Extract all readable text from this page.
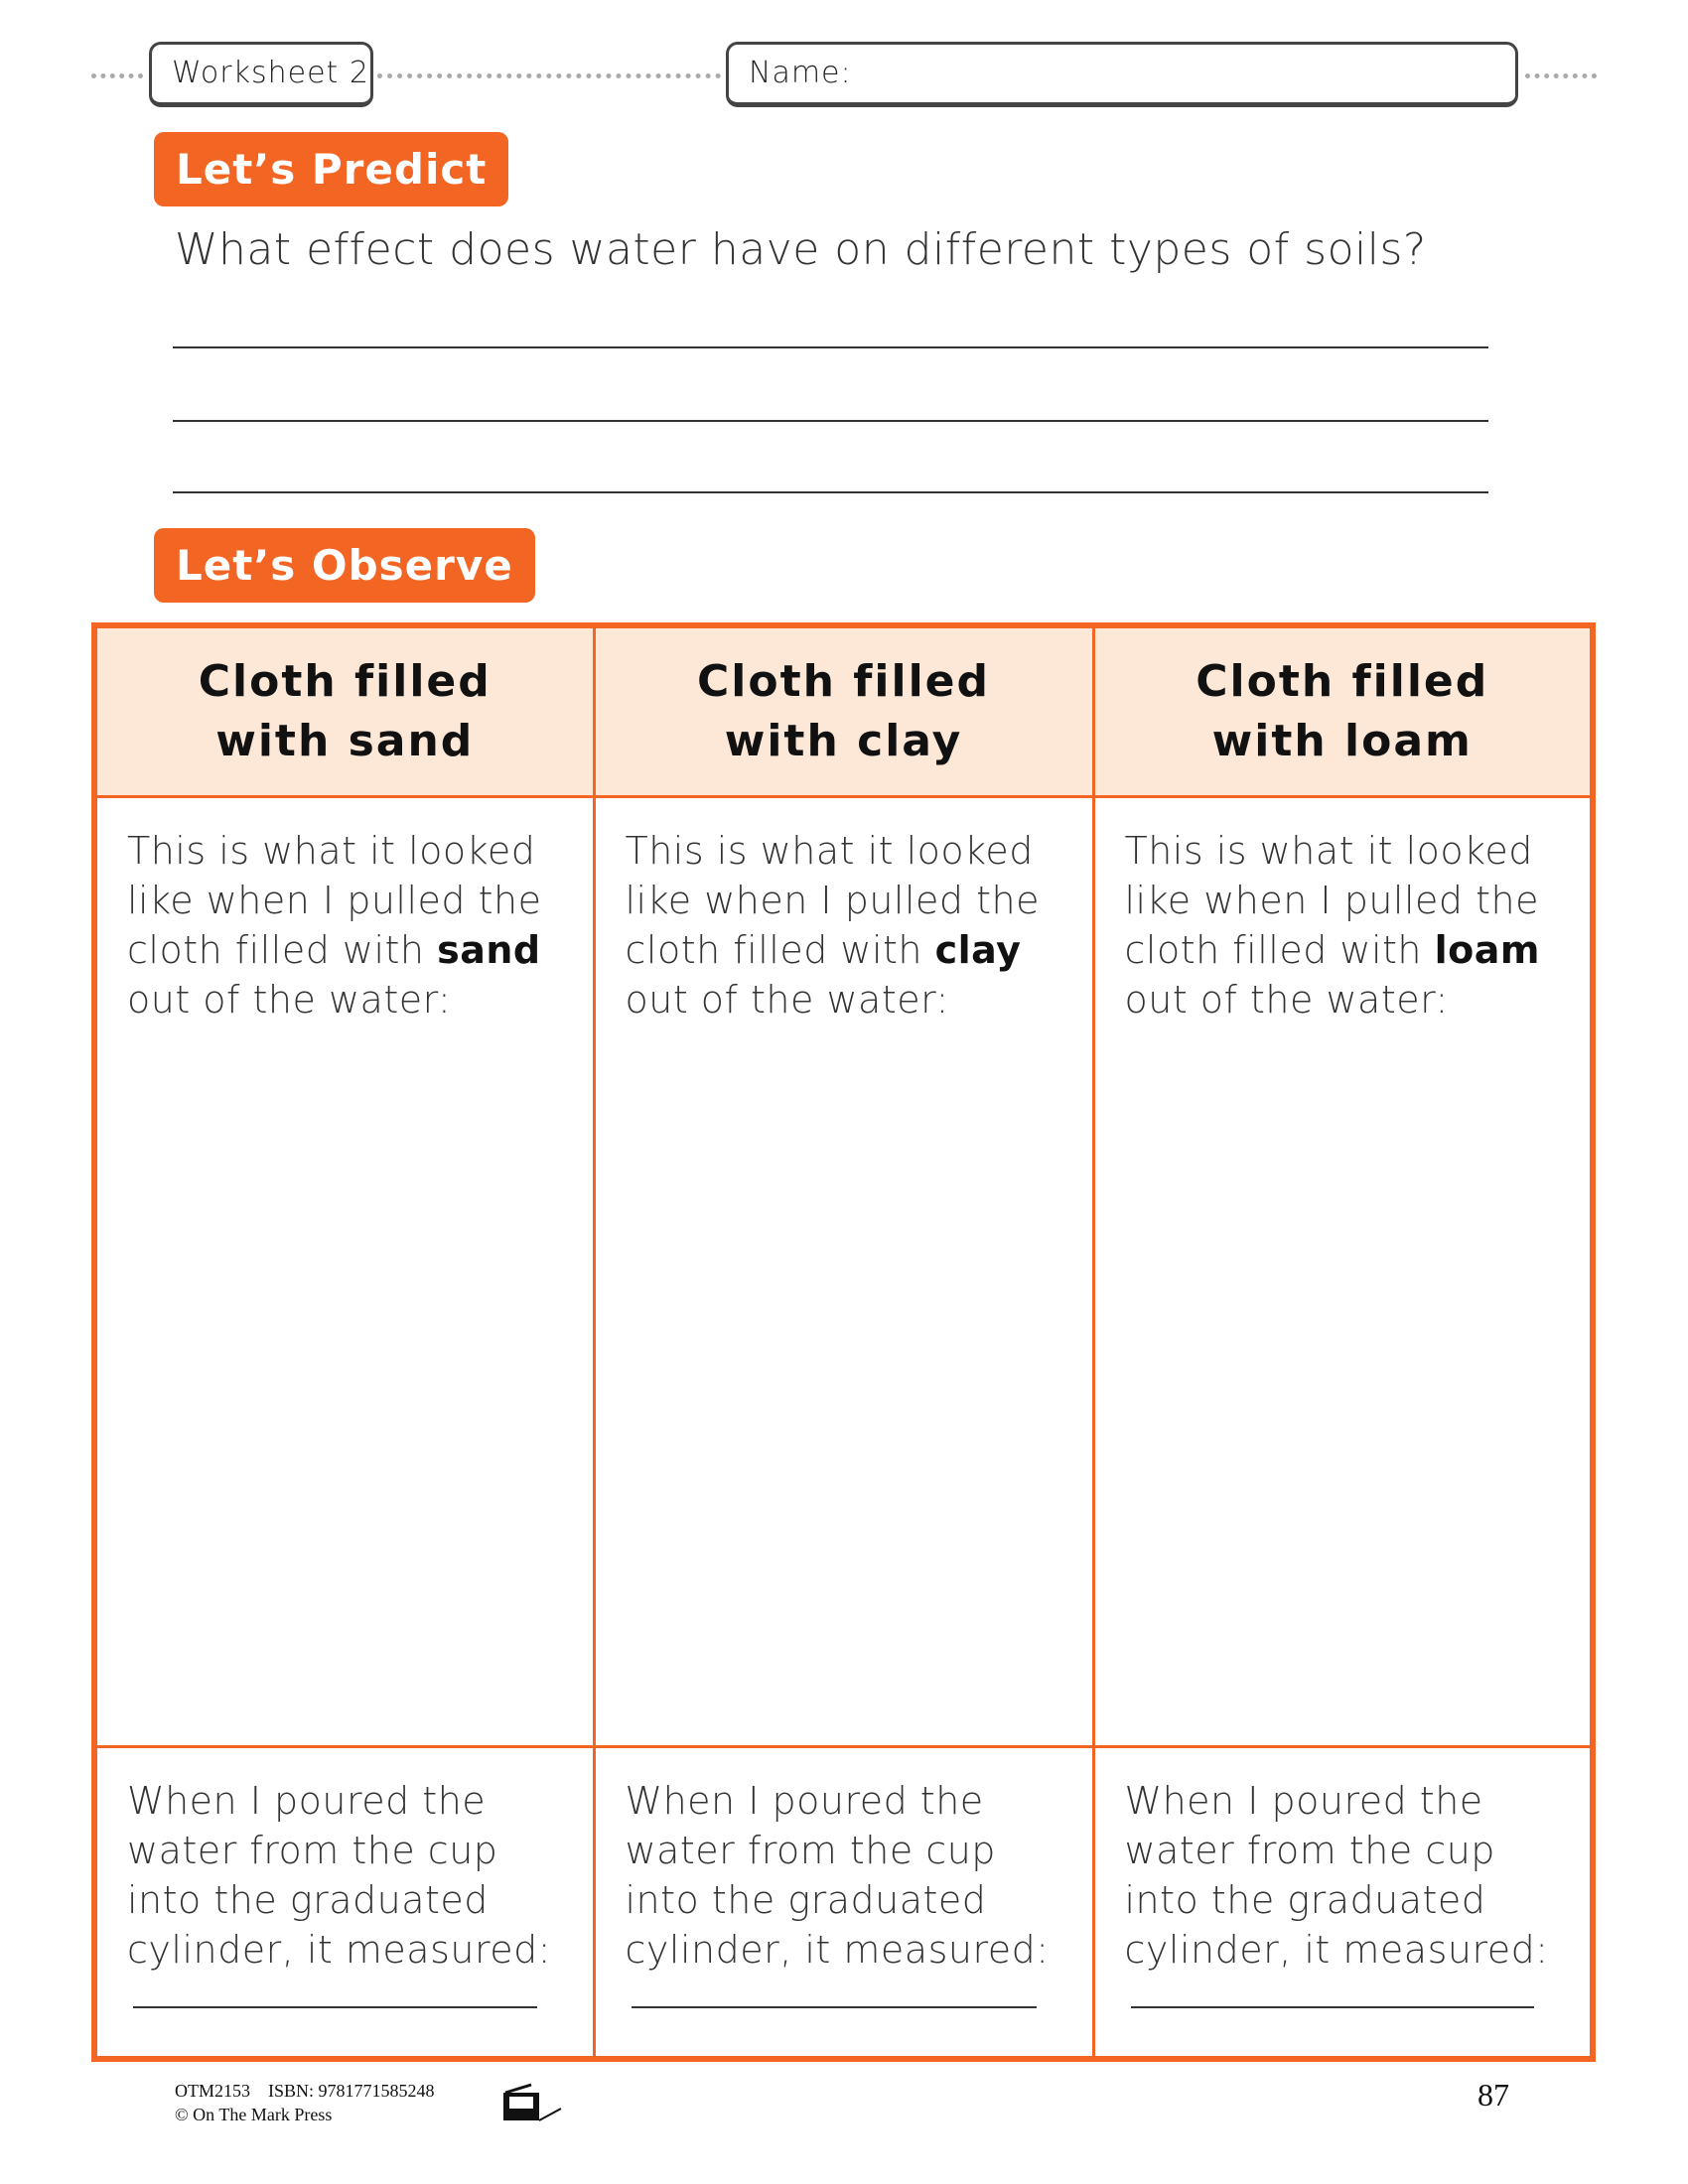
Worksheet 2	Name:
Let’s Predict
What effect does water have on different types of soils?
Let’s Observe
Cloth filled
with sand	Cloth filled
with clay	Cloth filled
with loam
This is what it looked like when I pulled the cloth filled with sand out of the water:	This is what it looked like when I pulled the cloth filled with clay out of the water:	This is what it looked like when I pulled the cloth filled with loam out of the water:
When I poured the water from the cup into the graduated cylinder, it measured:	When I poured the water from the cup into the graduated cylinder, it measured:	When I poured the water from the cup into the graduated cylinder, it measured:
OTM2153 ISBN: 9781771585248
© On The Mark Press
87
